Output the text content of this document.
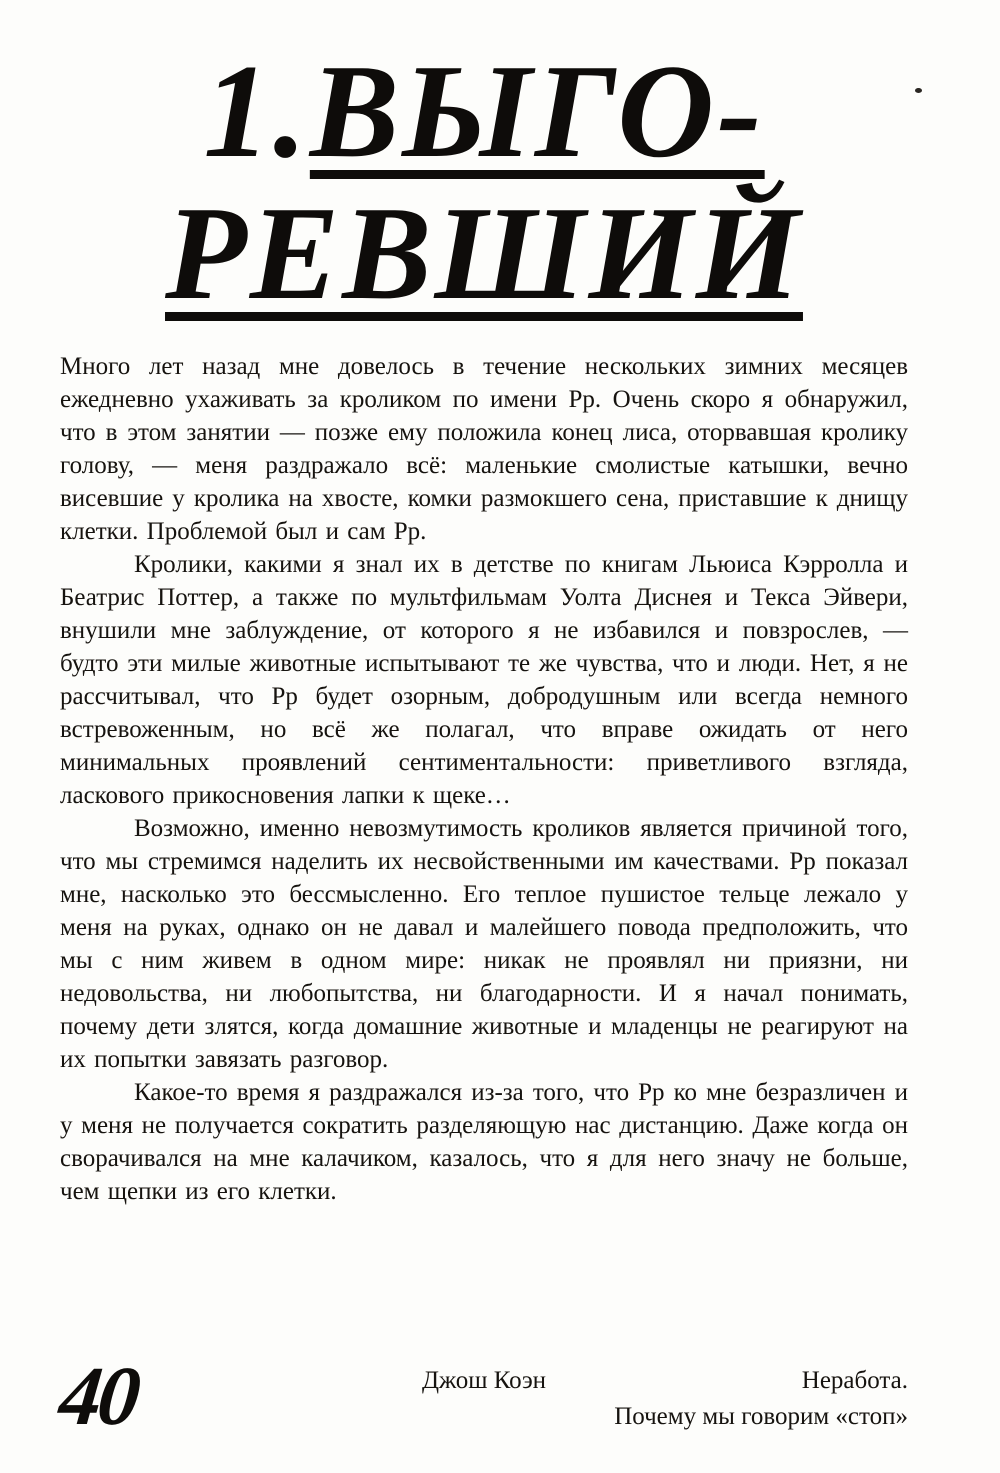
1.ВЫГО-
РЕВШИЙ

Много лет назад мне довелось в течение нескольких зимних месяцев ежедневно ухаживать за кроликом по имени Рр. Очень скоро я обнаружил, что в этом занятии — позже ему положила конец лиса, оторвавшая кролику голову, — меня раздражало всё: маленькие смолистые катышки, вечно висевшие у кролика на хвосте, комки размокшего сена, приставшие к днищу клетки. Проблемой был и сам Рр.

Кролики, какими я знал их в детстве по книгам Льюиса Кэрролла и Беатрис Поттер, а также по мультфильмам Уолта Диснея и Текса Эйвери, внушили мне заблуждение, от которого я не избавился и повзрослев, — будто эти милые животные испытывают те же чувства, что и люди. Нет, я не рассчитывал, что Рр будет озорным, добродушным или всегда немного встревоженным, но всё же полагал, что вправе ожидать от него минимальных проявлений сентиментальности: приветливого взгляда, ласкового прикосновения лапки к щеке…

Возможно, именно невозмутимость кроликов является причиной того, что мы стремимся наделить их несвойственными им качествами. Рр показал мне, насколько это бессмысленно. Его теплое пушистое тельце лежало у меня на руках, однако он не давал и малейшего повода предположить, что мы с ним живем в одном мире: никак не проявлял ни приязни, ни недовольства, ни любопытства, ни благодарности. И я начал понимать, почему дети злятся, когда домашние животные и младенцы не реагируют на их попытки завязать разговор.

Какое-то время я раздражался из-за того, что Рр ко мне безразличен и у меня не получается сократить разделяющую нас дистанцию. Даже когда он сворачивался на мне калачиком, казалось, что я для него значу не больше, чем щепки из его клетки.

40	Джош Коэн	Неработа.
Почему мы говорим «стоп»
